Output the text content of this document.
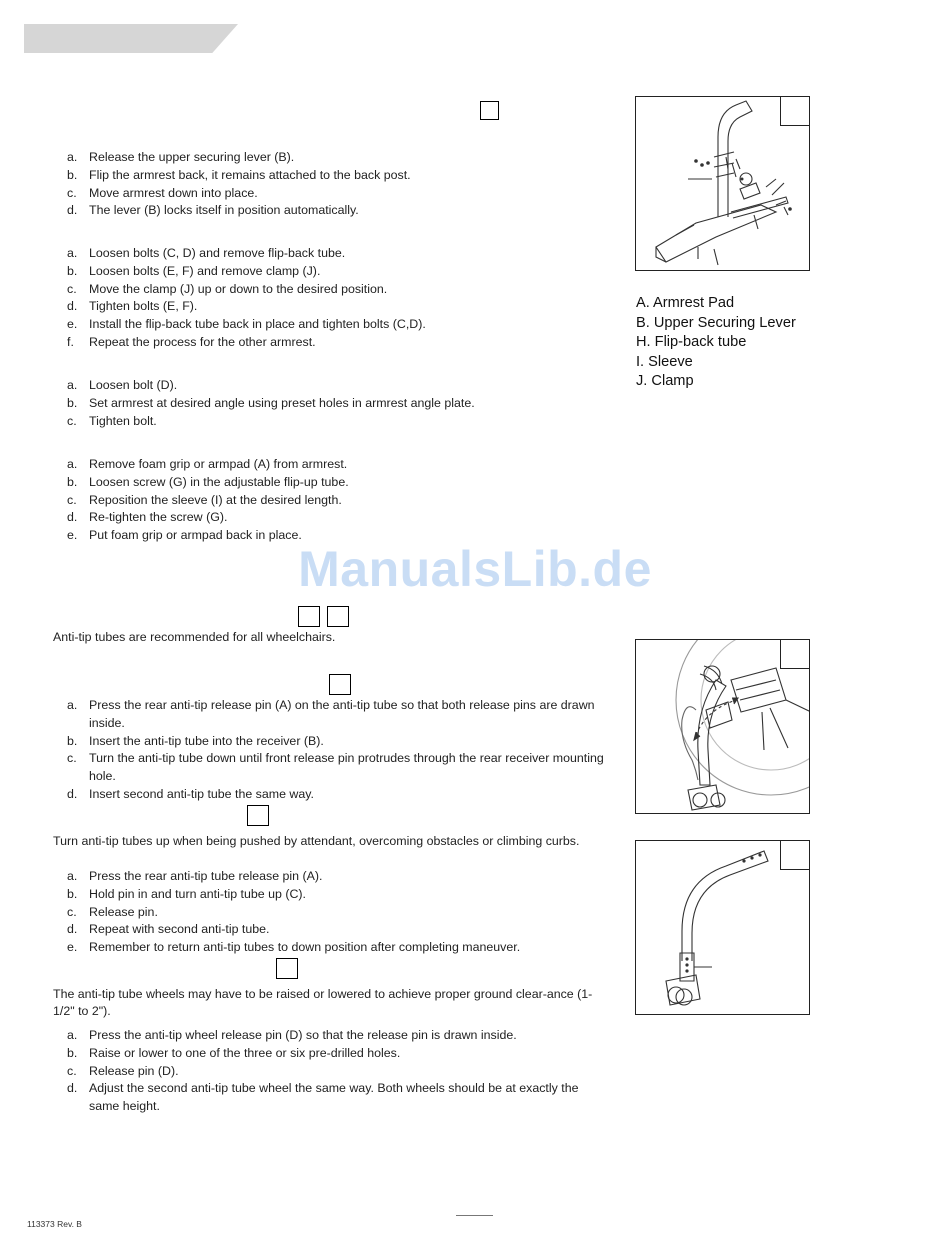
a. Release the upper securing lever (B).
b. Flip the armrest back, it remains attached to the back post.
c. Move armrest down into place.
d. The lever (B) locks itself in position automatically.
a. Loosen bolts (C, D) and remove flip-back tube.
b. Loosen bolts (E, F) and remove clamp (J).
c. Move the clamp (J) up or down to the desired position.
d. Tighten bolts (E, F).
e. Install the flip-back tube back in place and tighten bolts (C,D).
f.	Repeat the process for the other armrest.
a. Loosen bolt (D).
b. Set armrest at desired angle using preset holes in armrest angle plate.
c. Tighten bolt.
a. Remove foam grip or armpad (A) from armrest.
b. Loosen screw (G) in the adjustable flip-up tube.
c. Reposition the sleeve (I) at the desired length.
d. Re-tighten the screw (G).
e. Put foam grip or armpad back in place.

Anti-tip tubes are recommended for all wheelchairs.

a. Press the rear anti-tip release pin (A) on the anti-tip tube so that both release pins are drawn inside.
b. Insert the anti-tip tube into the receiver (B).
c. Turn the anti-tip tube down until front release pin protrudes through the rear receiver mounting hole.
d. Insert second anti-tip tube the same way.

Turn anti-tip tubes up when being pushed by attendant, overcoming obstacles or climbing curbs.

a. Press the rear anti-tip tube release pin (A).
b. Hold pin in and turn anti-tip tube up (C).
c. Release pin.
d. Repeat with second anti-tip tube.
e. Remember to return anti-tip tubes to down position after completing maneuver.

The anti-tip tube wheels may have to be raised or lowered to achieve proper ground clear-ance (1-1/2" to 2").

a. Press the anti-tip wheel release pin (D) so that the release pin is drawn inside.
b. Raise or lower to one of the three or six pre-drilled holes.
c. Release pin (D).
d. Adjust the second anti-tip tube wheel the same way. Both wheels should be at exactly the same height.
A. Armrest Pad
B. Upper Securing Lever
H. Flip-back tube
I. Sleeve
J. Clamp
ManualsLib.de
113373 Rev. B
